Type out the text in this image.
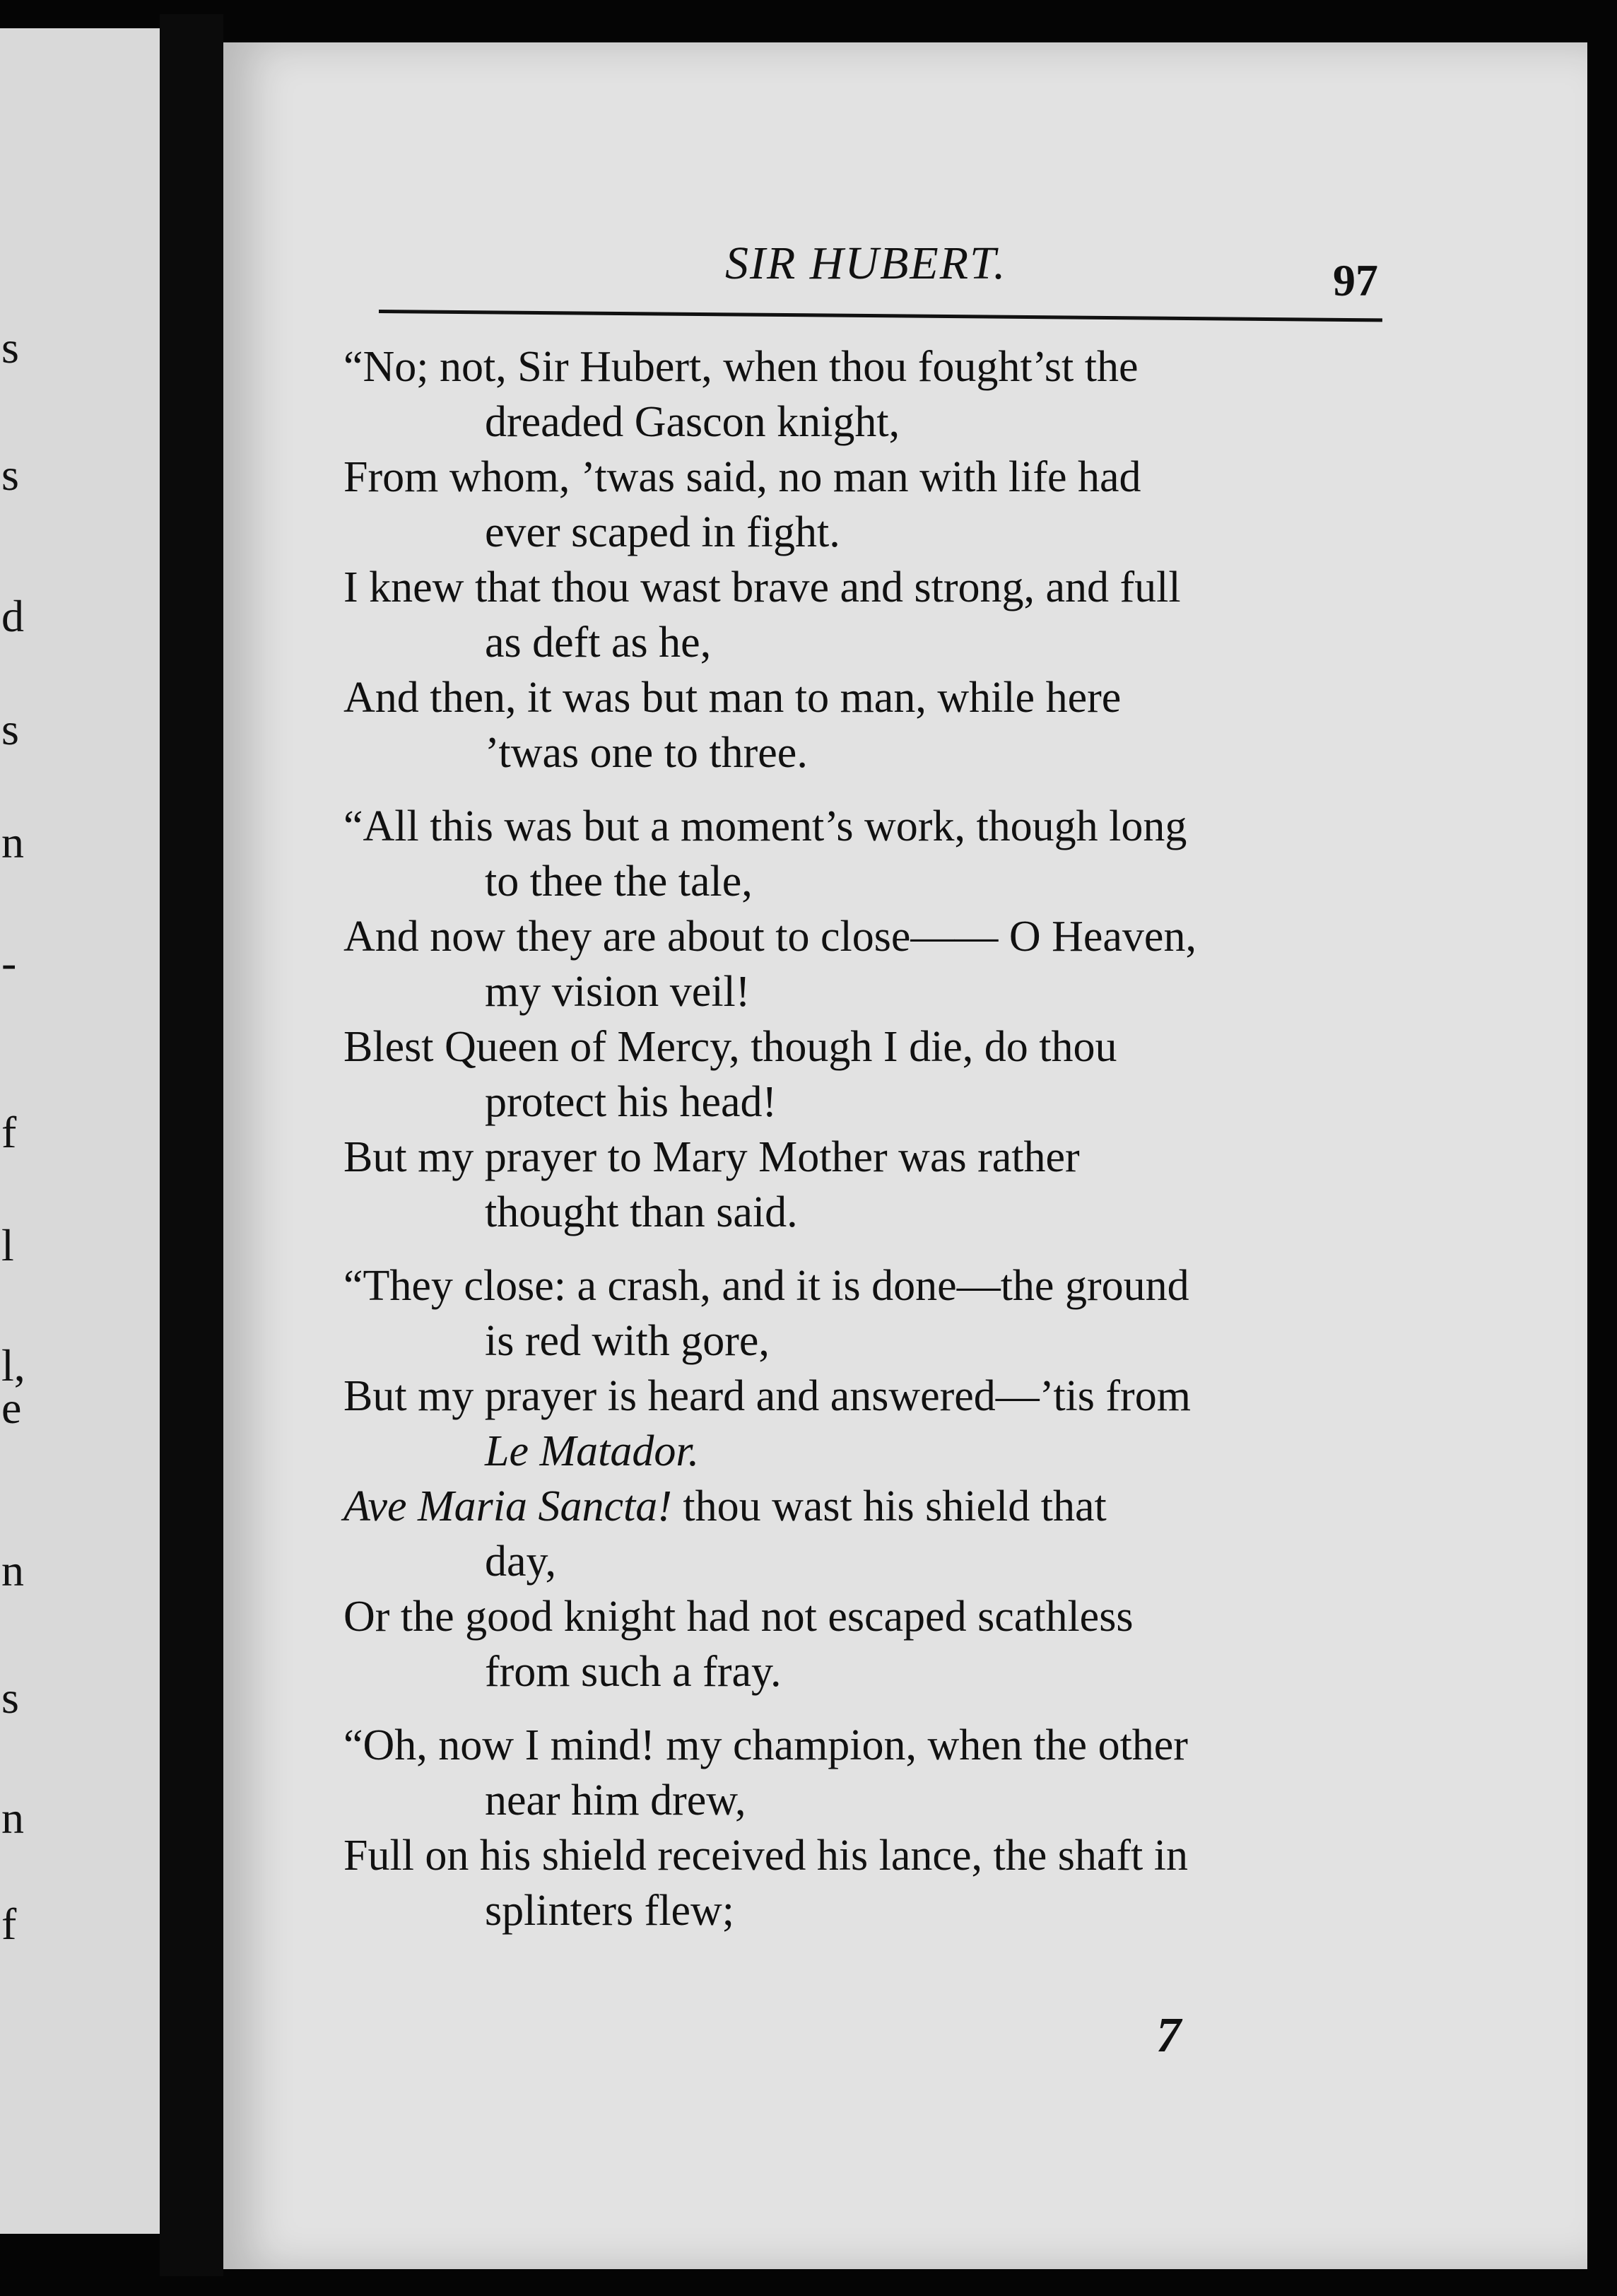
s
s
d
s
n
-
f
l
l,
e
n
s
n
f
SIR HUBERT.	97
“No; not, Sir Hubert, when thou fought’st the
dreaded Gascon knight,
From whom, ’twas said, no man with life had
ever scaped in fight.
I knew that thou wast brave and strong, and full
as deft as he,
And then, it was but man to man, while here
’twas one to three.
“All this was but a moment’s work, though long
to thee the tale,
And now they are about to close—— O Heaven,
my vision veil!
Blest Queen of Mercy, though I die, do thou
protect his head!
But my prayer to Mary Mother was rather
thought than said.
“They close: a crash, and it is done—the ground
is red with gore,
But my prayer is heard and answered—’tis from
Le Matador.
Ave Maria Sancta! thou wast his shield that
day,
Or the good knight had not escaped scathless
from such a fray.
“Oh, now I mind! my champion, when the other
near him drew,
Full on his shield received his lance, the shaft in
splinters flew;
7
